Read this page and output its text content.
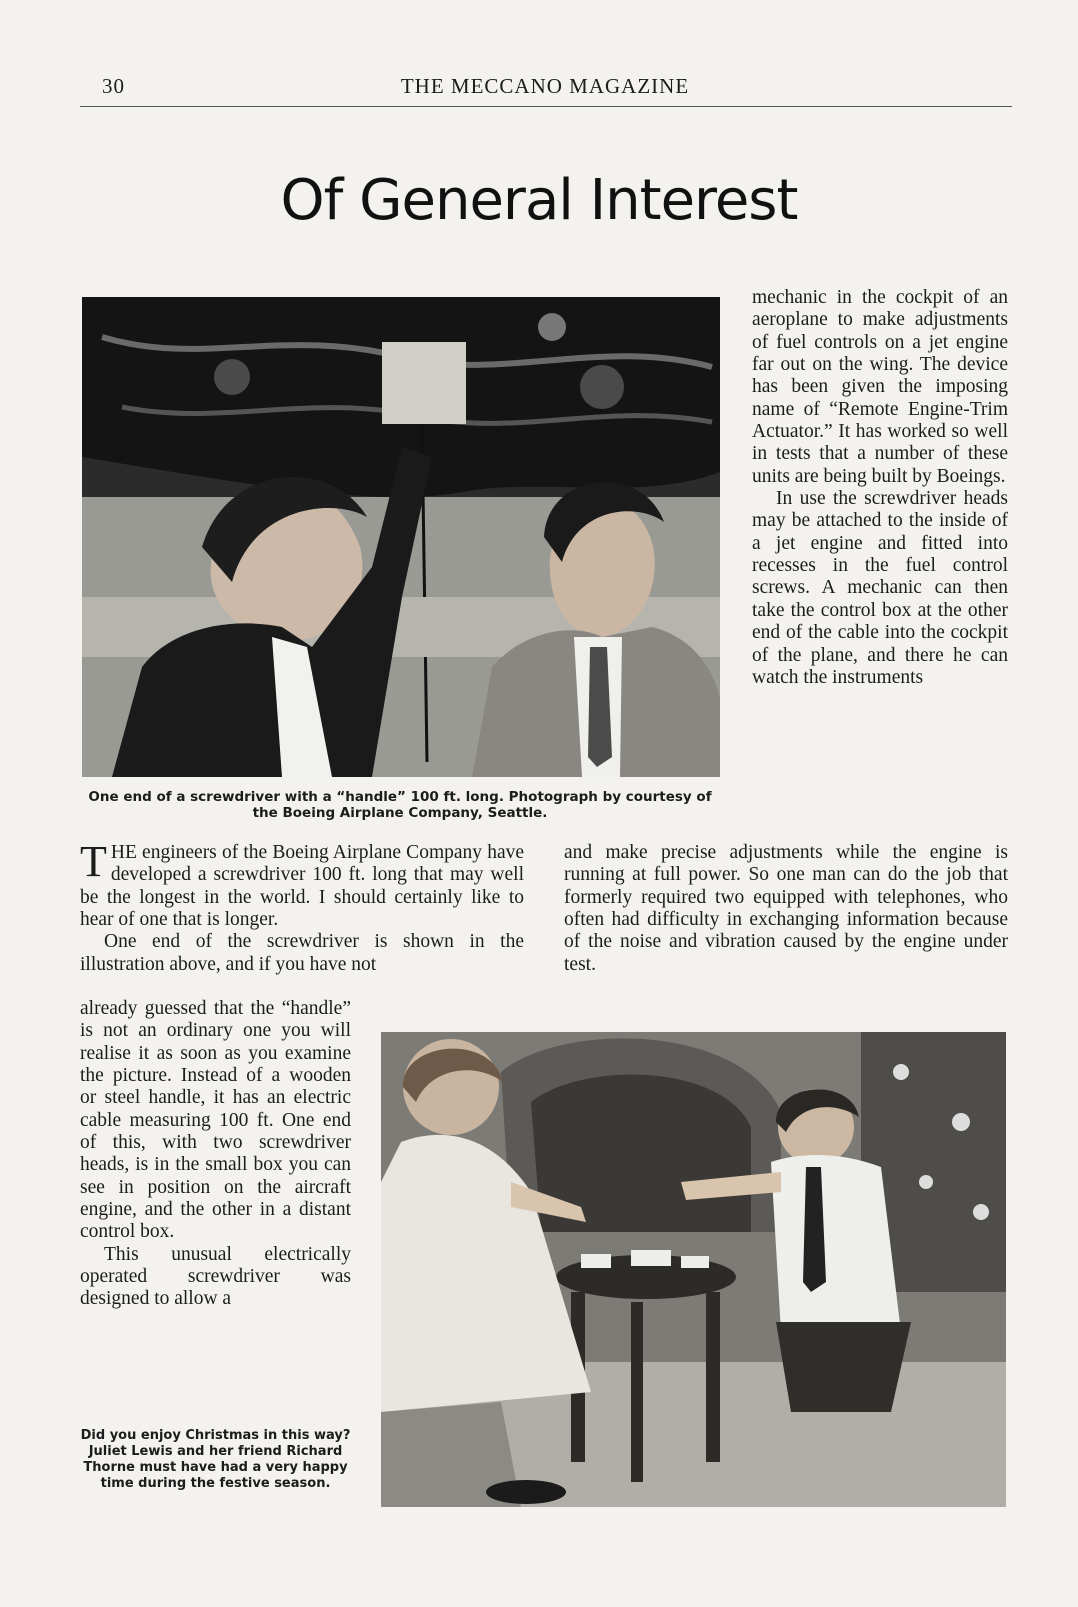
30	THE MECCANO MAGAZINE
Of General Interest
One end of a screwdriver with a “handle” 100 ft. long. Photograph by courtesy of the Boeing Airplane Company, Seattle.

mechanic in the cockpit of an aeroplane to make adjustments of fuel controls on a jet engine far out on the wing. The device has been given the imposing name of “Remote Engine-Trim Actuator.” It has worked so well in tests that a number of these units are being built by Boeings.

In use the screwdriver heads may be attached to the inside of a jet engine and fitted into recesses in the fuel control screws. A mechanic can then take the control box at the other end of the cable into the cockpit of the plane, and there he can watch the instruments

THE engineers of the Boeing Airplane Company have developed a screwdriver 100 ft. long that may well be the longest in the world. I should certainly like to hear of one that is longer.

One end of the screwdriver is shown in the illustration above, and if you have not

and make precise adjustments while the engine is running at full power. So one man can do the job that formerly required two equipped with telephones, who often had difficulty in exchanging information because of the noise and vibration caused by the engine under test.

already guessed that the “handle” is not an ordinary one you will realise it as soon as you examine the picture. Instead of a wooden or steel handle, it has an electric cable measuring 100 ft. One end of this, with two screwdriver heads, is in the small box you can see in position on the aircraft engine, and the other in a distant control box.

This unusual electrically operated screwdriver was designed to allow a

Did you enjoy Christmas in this way? Juliet Lewis and her friend Richard Thorne must have had a very happy time during the festive season.
